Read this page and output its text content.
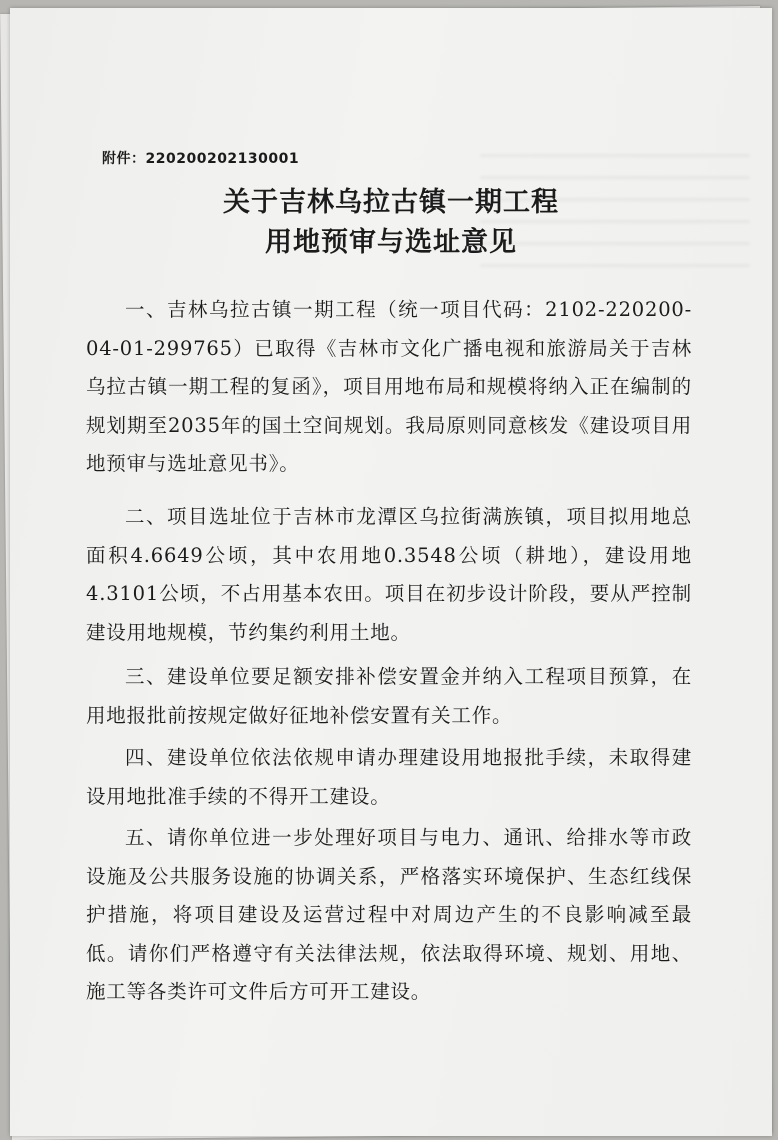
附件：220200202130001
关于吉林乌拉古镇一期工程
用地预审与选址意见
一、吉林乌拉古镇一期工程（统一项目代码：2102-220200-04-01-299765）已取得《吉林市文化广播电视和旅游局关于吉林乌拉古镇一期工程的复函》，项目用地布局和规模将纳入正在编制的规划期至2035年的国土空间规划。我局原则同意核发《建设项目用地预审与选址意见书》。
二、项目选址位于吉林市龙潭区乌拉街满族镇，项目拟用地总面积4.6649公顷，其中农用地0.3548公顷（耕地），建设用地4.3101公顷，不占用基本农田。项目在初步设计阶段，要从严控制建设用地规模，节约集约利用土地。
三、建设单位要足额安排补偿安置金并纳入工程项目预算，在用地报批前按规定做好征地补偿安置有关工作。
四、建设单位依法依规申请办理建设用地报批手续，未取得建设用地批准手续的不得开工建设。
五、请你单位进一步处理好项目与电力、通讯、给排水等市政设施及公共服务设施的协调关系，严格落实环境保护、生态红线保护措施，将项目建设及运营过程中对周边产生的不良影响减至最低。请你们严格遵守有关法律法规，依法取得环境、规划、用地、施工等各类许可文件后方可开工建设。
